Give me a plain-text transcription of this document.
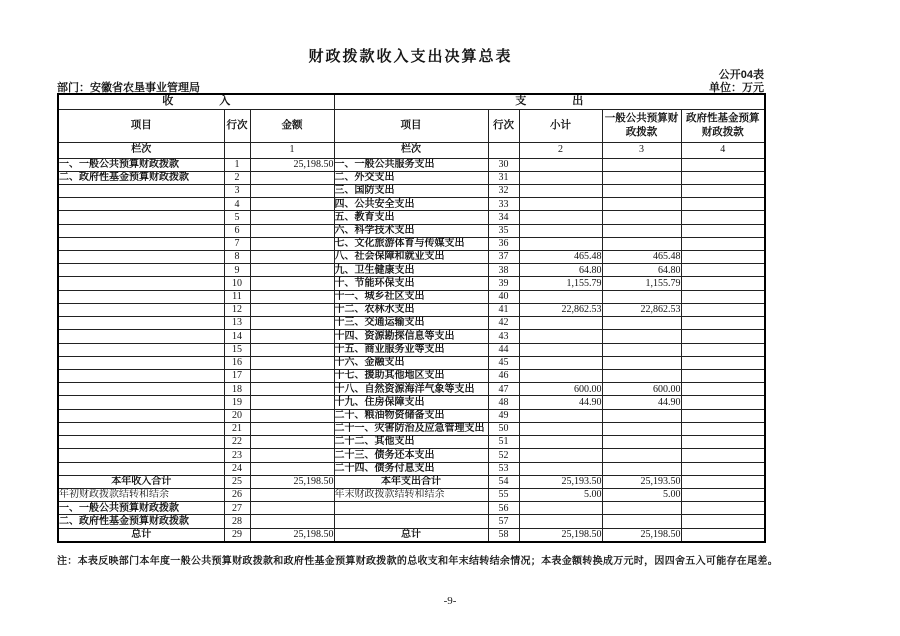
财政拨款收入支出决算总表
公开04表
部门：安徽省农垦事业管理局	单位：万元
收　　入			支　　出				
项目	行次	金额	项目	行次	小计	一般公共预算财政拨款	政府性基金预算财政拨款
栏次		1	栏次		2	3	4
一、一般公共预算财政拨款	1	25,198.50	一、一般公共服务支出	30			
二、政府性基金预算财政拨款	2		二、外交支出	31			
	3		三、国防支出	32			
	4		四、公共安全支出	33			
	5		五、教育支出	34			
	6		六、科学技术支出	35			
	7		七、文化旅游体育与传媒支出	36			
	8		八、社会保障和就业支出	37	465.48	465.48	
	9		九、卫生健康支出	38	64.80	64.80	
	10		十、节能环保支出	39	1,155.79	1,155.79	
	11		十一、城乡社区支出	40			
	12		十二、农林水支出	41	22,862.53	22,862.53	
	13		十三、交通运输支出	42			
	14		十四、资源勘探信息等支出	43			
	15		十五、商业服务业等支出	44			
	16		十六、金融支出	45			
	17		十七、援助其他地区支出	46			
	18		十八、自然资源海洋气象等支出	47	600.00	600.00	
	19		十九、住房保障支出	48	44.90	44.90	
	20		二十、粮油物资储备支出	49			
	21		二十一、灾害防治及应急管理支出	50			
	22		二十二、其他支出	51			
	23		二十三、债务还本支出	52			
	24		二十四、债务付息支出	53			
本年收入合计	25	25,198.50	本年支出合计	54	25,193.50	25,193.50	
年初财政拨款结转和结余	26		年末财政拨款结转和结余	55	5.00	5.00	
一、一般公共预算财政拨款	27			56			
二、政府性基金预算财政拨款	28			57			
总计	29	25,198.50	总计	58	25,198.50	25,198.50	
注：本表反映部门本年度一般公共预算财政拨款和政府性基金预算财政拨款的总收支和年末结转结余情况；本表金额转换成万元时，因四舍五入可能存在尾差。
-9-
